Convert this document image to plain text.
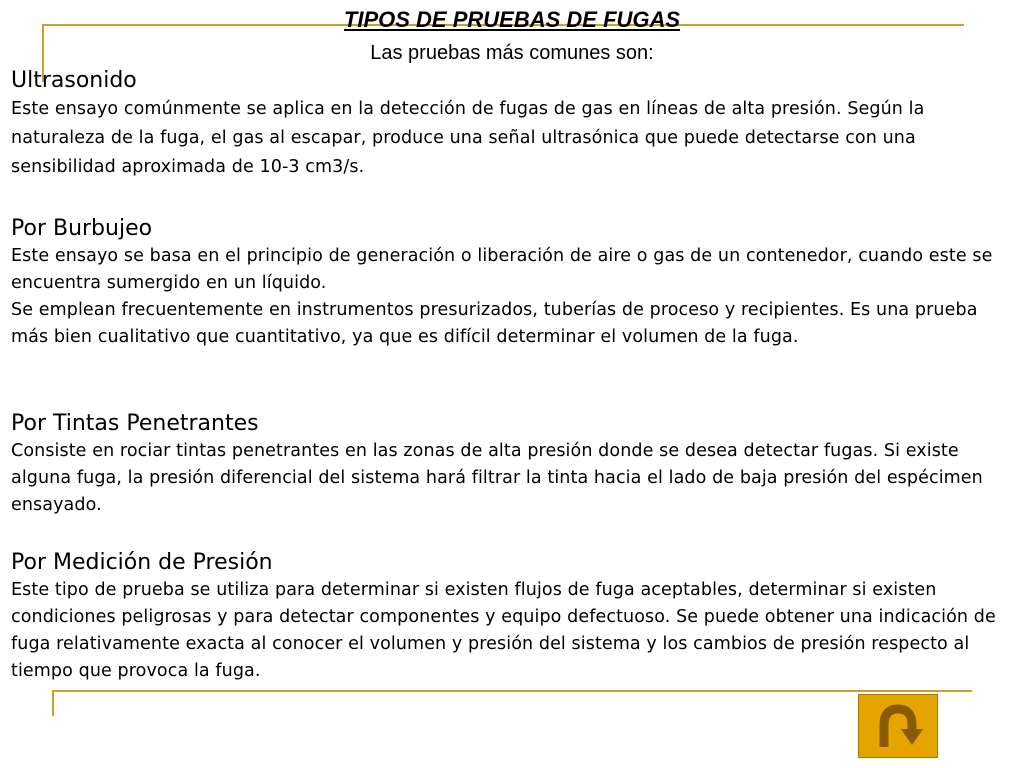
TIPOS DE PRUEBAS DE FUGAS
Las pruebas más comunes son:
Ultrasonido

Este ensayo comúnmente se aplica en la detección de fugas de gas en líneas de alta presión. Según la naturaleza de la fuga, el gas al escapar, produce una señal ultrasónica que puede detectarse con una sensibilidad aproximada de 10-3 cm3/s.

Por Burbujeo

Este ensayo se basa en el principio de generación o liberación de aire o gas de un contenedor, cuando este se encuentra sumergido en un líquido.

Se emplean frecuentemente en instrumentos presurizados, tuberías de proceso y recipientes. Es una prueba más bien cualitativo que cuantitativo, ya que es difícil determinar el volumen de la fuga.

Por Tintas Penetrantes

Consiste en rociar tintas penetrantes en las zonas de alta presión donde se desea detectar fugas. Si existe alguna fuga, la presión diferencial del sistema hará filtrar la tinta hacia el lado de baja presión del espécimen ensayado.

Por Medición de Presión

Este tipo de prueba se utiliza para determinar si existen flujos de fuga aceptables, determinar si existen condiciones peligrosas y para detectar componentes y equipo defectuoso. Se puede obtener una indicación de fuga relativamente exacta al conocer el volumen y presión del sistema y los cambios de presión respecto al tiempo que provoca la fuga.
